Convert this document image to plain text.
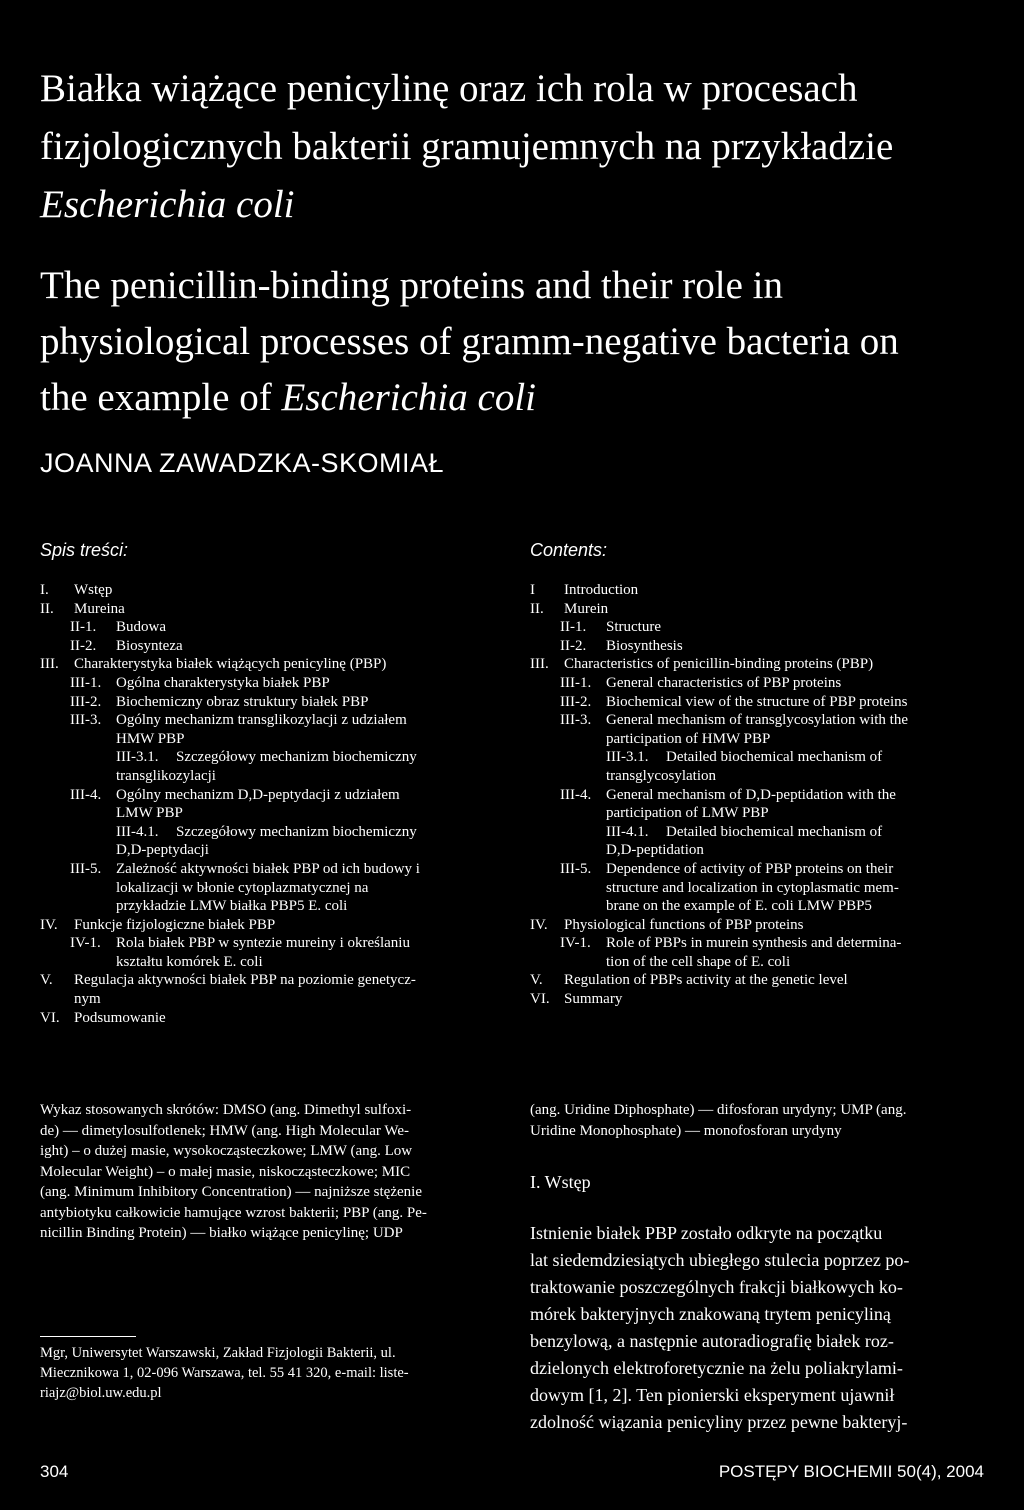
Białka wiążące penicylinę oraz ich rola w procesach
fizjologicznych bakterii gramujemnych na przykładzie
Escherichia coli
The penicillin-binding proteins and their role in
physiological processes of gramm-negative bacteria on
the example of Escherichia coli
JOANNA ZAWADZKA-SKOMIAŁ
Spis treści:
I.	Wstęp
II.	Mureina
II-1.	Budowa
II-2.	Biosynteza
III.	Charakterystyka białek wiążących penicylinę (PBP)
III-1. Ogólna charakterystyka białek PBP
III-2. Biochemiczny obraz struktury białek PBP
III-3. Ogólny mechanizm transglikozylacji z udziałem
HMW PBP
III-3.1.	Szczegółowy mechanizm biochemiczny
transglikozylacji
III-4. Ogólny mechanizm D,D-peptydacji z udziałem
LMW PBP
III-4.1.	Szczegółowy mechanizm biochemiczny
D,D-peptydacji
III-5. Zależność aktywności białek PBP od ich budowy i
lokalizacji w błonie cytoplazmatycznej na
przykładzie LMW białka PBP5 E. coli
IV.	Funkcje fizjologiczne białek PBP
IV-1.	Rola białek PBP w syntezie mureiny i określaniu
kształtu komórek E. coli
V.	Regulacja aktywności białek PBP na poziomie genetycz-
nym
VI. Podsumowanie
Contents:
I	Introduction
II.	Murein
II-1.	Structure
II-2.	Biosynthesis
III.	Characteristics of penicillin-binding proteins (PBP)
III-1. General characteristics of PBP proteins
III-2. Biochemical view of the structure of PBP proteins
III-3. General mechanism of transglycosylation with the
participation of HMW PBP
III-3.1.	Detailed biochemical mechanism of
transglycosylation
III-4. General mechanism of D,D-peptidation with the
participation of LMW PBP
III-4.1.	Detailed biochemical mechanism of
D,D-peptidation
III-5. Dependence of activity of PBP proteins on their
structure and localization in cytoplasmatic mem-
brane on the example of E. coli LMW PBP5
IV.	Physiological functions of PBP proteins
IV-1.	Role of PBPs in murein synthesis and determina-
tion of the cell shape of E. coli
V.	Regulation of PBPs activity at the genetic level
VI. Summary
Wykaz stosowanych skrótów: DMSO (ang. Dimethyl sulfoxi-
de) — dimetylosulfotlenek; HMW (ang. High Molecular We-
ight) – o dużej masie, wysokocząsteczkowe; LMW (ang. Low
Molecular Weight) – o małej masie, niskocząsteczkowe; MIC
(ang. Minimum Inhibitory Concentration) — najniższe stężenie
antybiotyku całkowicie hamujące wzrost bakterii; PBP (ang. Pe-
nicillin Binding Protein) — białko wiążące penicylinę; UDP
Mgr, Uniwersytet Warszawski, Zakład Fizjologii Bakterii, ul.
Miecznikowa 1, 02-096 Warszawa, tel. 55 41 320, e-mail: liste-
riajz@biol.uw.edu.pl
(ang. Uridine Diphosphate) — difosforan urydyny; UMP (ang.
Uridine Monophosphate) — monofosforan urydyny
I. Wstęp
Istnienie białek PBP zostało odkryte na początku
lat siedemdziesiątych ubiegłego stulecia poprzez po-
traktowanie poszczególnych frakcji białkowych ko-
mórek bakteryjnych znakowaną trytem penicyliną
benzylową, a następnie autoradiografię białek roz-
dzielonych elektroforetycznie na żelu poliakrylami-
dowym [1, 2]. Ten pionierski eksperyment ujawnił
zdolność wiązania penicyliny przez pewne bakteryj-
304	POSTĘPY BIOCHEMII 50(4), 2004
